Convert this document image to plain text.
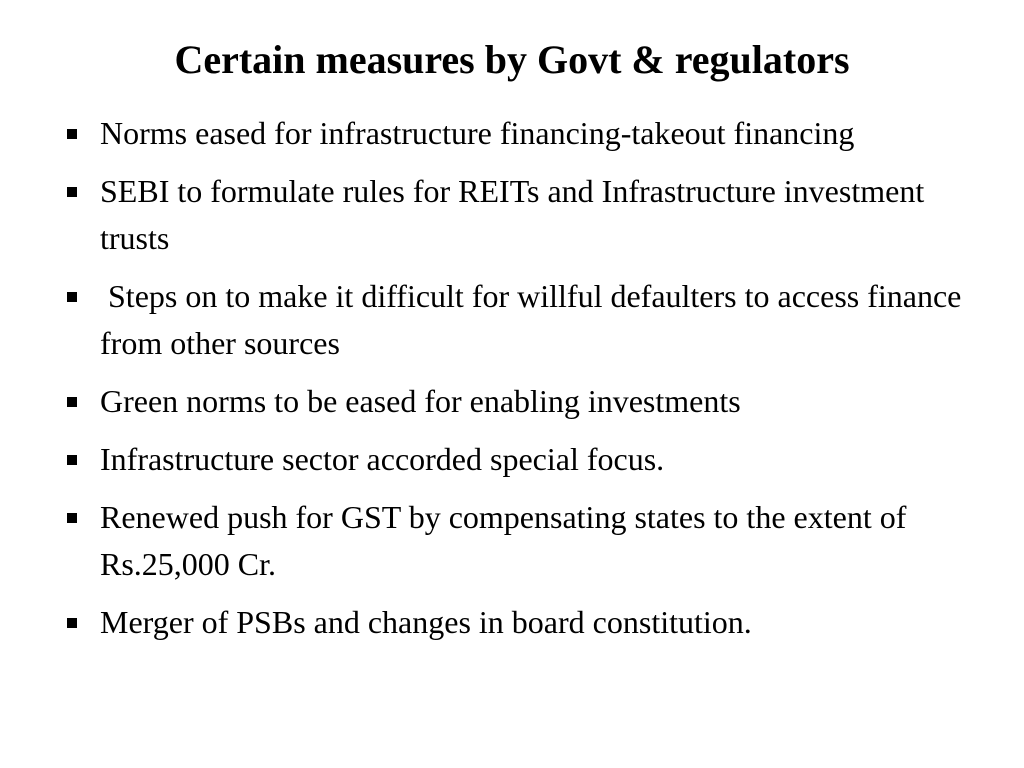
Certain measures by Govt & regulators
Norms eased for infrastructure financing-takeout financing
SEBI to formulate rules for REITs and Infrastructure investment trusts
Steps on to make it difficult for willful defaulters to access finance from other sources
Green norms to be eased for enabling investments
Infrastructure sector accorded special focus.
Renewed push for GST by compensating states to the extent of Rs.25,000 Cr.
Merger of PSBs and changes in board constitution.
